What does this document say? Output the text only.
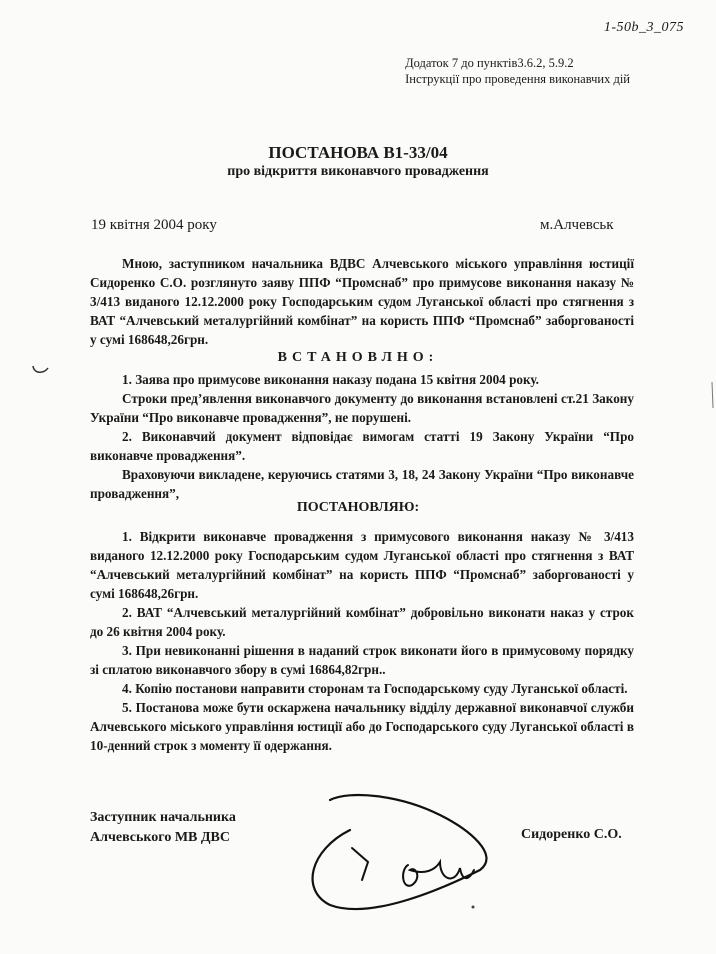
1-50b_3_075
Додаток 7 до пунктів3.6.2, 5.9.2
Інструкції про проведення виконавчих дій
ПОСТАНОВА В1-33/04
про відкриття виконавчого провадження
19 квітня 2004 року	м.Алчевськ

Мною, заступником начальника ВДВС Алчевського міського управління юстиції Сидоренко С.О. розглянуто заяву ППФ “Промснаб” про примусове виконання наказу № 3/413 виданого 12.12.2000 року Господарським судом Луганської області про стягнення з ВАТ “Алчевський металургійний комбінат” на користь ППФ “Промснаб” заборгованості у сумі 168648,26грн.

ВСТАНОВЛНО:

1. Заява про примусове виконання наказу подана 15 квітня 2004 року.

Строки пред’явлення виконавчого документу до виконання встановлені ст.21 Закону України “Про виконавче провадження”, не порушені.

2. Виконавчий документ відповідає вимогам статті 19 Закону України “Про виконавче провадження”.

Враховуючи викладене, керуючись статями 3, 18, 24 Закону України “Про виконавче провадження”,

ПОСТАНОВЛЯЮ:

1. Відкрити виконавче провадження з примусового виконання наказу № 3/413 виданого 12.12.2000 року Господарським судом Луганської області про стягнення з ВАТ “Алчевський металургійний комбінат” на користь ППФ “Промснаб” заборгованості у сумі 168648,26грн.

2. ВАТ “Алчевський металургійний комбінат” добровільно виконати наказ у строк до 26 квітня 2004 року.

3. При невиконанні рішення в наданий строк виконати його в примусовому порядку зі сплатою виконавчого збору в сумі 16864,82грн..

4. Копію постанови направити сторонам та Господарському суду Луганської області.

5. Постанова може бути оскаржена начальнику відділу державної виконавчої служби Алчевського міського управління юстиції або до Господарського суду Луганської області в 10-денний строк з моменту її одержання.

Заступник начальника
Алчевського МВ ДВС	Сидоренко С.О.
